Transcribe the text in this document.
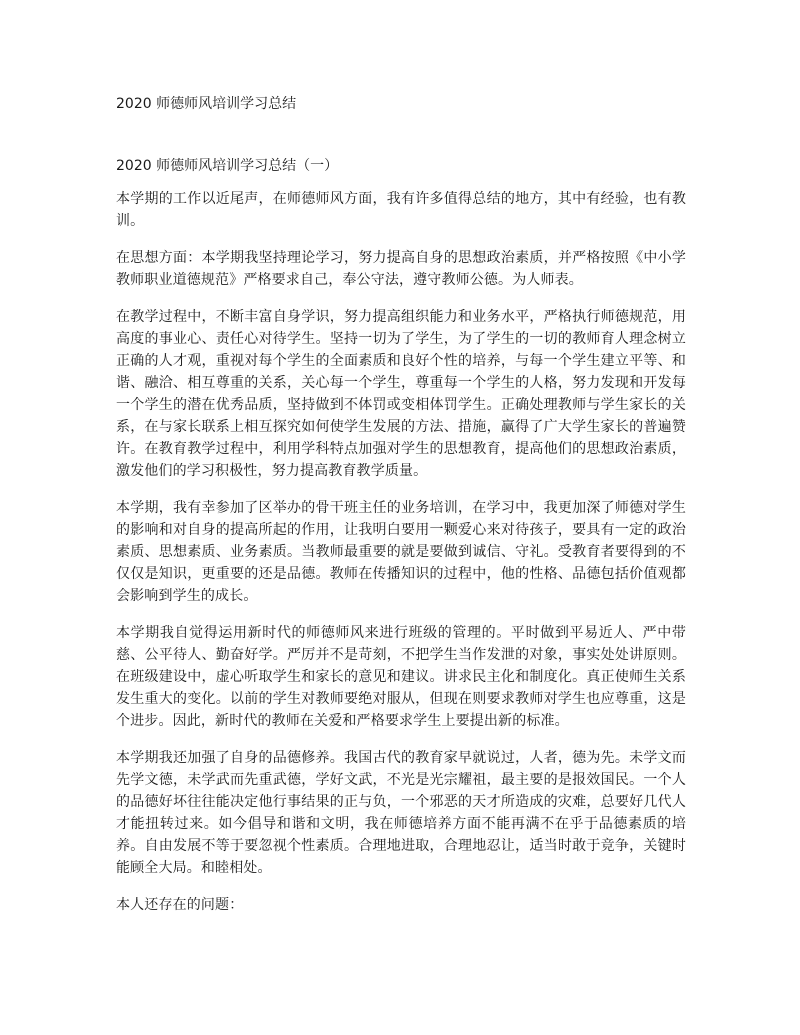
2020 师德师风培训学习总结
2020 师德师风培训学习总结（一）

本学期的工作以近尾声，在师德师风方面，我有许多值得总结的地方，其中有经验，也有教训。

在思想方面：本学期我坚持理论学习，努力提高自身的思想政治素质，并严格按照《中小学教师职业道德规范》严格要求自己，奉公守法，遵守教师公德。为人师表。

在教学过程中，不断丰富自身学识，努力提高组织能力和业务水平，严格执行师德规范，用高度的事业心、责任心对待学生。坚持一切为了学生，为了学生的一切的教师育人理念树立正确的人才观，重视对每个学生的全面素质和良好个性的培养，与每一个学生建立平等、和谐、融洽、相互尊重的关系，关心每一个学生，尊重每一个学生的人格，努力发现和开发每一个学生的潜在优秀品质，坚持做到不体罚或变相体罚学生。正确处理教师与学生家长的关系，在与家长联系上相互探究如何使学生发展的方法、措施，赢得了广大学生家长的普遍赞许。在教育教学过程中，利用学科特点加强对学生的思想教育，提高他们的思想政治素质，激发他们的学习积极性，努力提高教育教学质量。

本学期，我有幸参加了区举办的骨干班主任的业务培训，在学习中，我更加深了师德对学生的影响和对自身的提高所起的作用，让我明白要用一颗爱心来对待孩子，要具有一定的政治素质、思想素质、业务素质。当教师最重要的就是要做到诚信、守礼。受教育者要得到的不仅仅是知识，更重要的还是品德。教师在传播知识的过程中，他的性格、品德包括价值观都会影响到学生的成长。

本学期我自觉得运用新时代的师德师风来进行班级的管理的。平时做到平易近人、严中带慈、公平待人、勤奋好学。严厉并不是苛刻，不把学生当作发泄的对象，事实处处讲原则。在班级建设中，虚心听取学生和家长的意见和建议。讲求民主化和制度化。真正使师生关系发生重大的变化。以前的学生对教师要绝对服从，但现在则要求教师对学生也应尊重，这是个进步。因此，新时代的教师在关爱和严格要求学生上要提出新的标准。

本学期我还加强了自身的品德修养。我国古代的教育家早就说过，人者，德为先。未学文而先学文德，未学武而先重武德，学好文武，不光是光宗耀祖，最主要的是报效国民。一个人的品德好坏往往能决定他行事结果的正与负，一个邪恶的天才所造成的灾难，总要好几代人才能扭转过来。如今倡导和谐和文明，我在师德培养方面不能再满不在乎于品德素质的培养。自由发展不等于要忽视个性素质。合理地进取，合理地忍让，适当时敢于竞争，关键时能顾全大局。和睦相处。

本人还存在的问题：
